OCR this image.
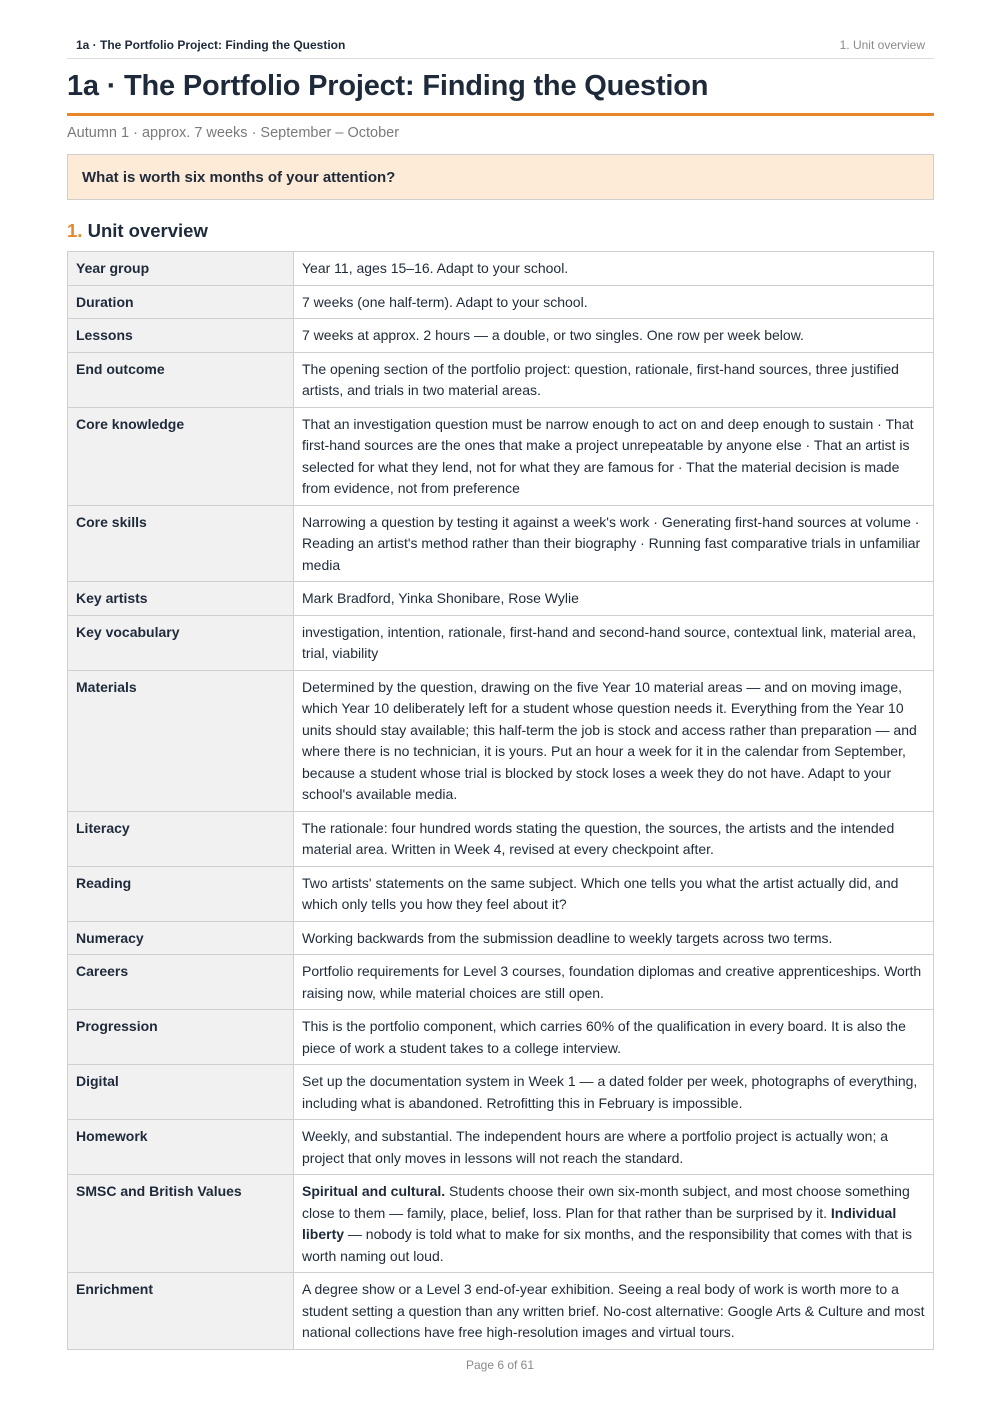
1a · The Portfolio Project: Finding the Question	1. Unit overview
1a · The Portfolio Project: Finding the Question
Autumn 1 · approx. 7 weeks · September – October
What is worth six months of your attention?
1. Unit overview
Year group	Year 11, ages 15–16. Adapt to your school.
Duration	7 weeks (one half-term). Adapt to your school.
Lessons	7 weeks at approx. 2 hours — a double, or two singles. One row per week below.
End outcome	The opening section of the portfolio project: question, rationale, first-hand sources, three justified artists, and trials in two material areas.
Core knowledge	That an investigation question must be narrow enough to act on and deep enough to sustain · That first-hand sources are the ones that make a project unrepeatable by anyone else · That an artist is selected for what they lend, not for what they are famous for · That the material decision is made from evidence, not from preference
Core skills	Narrowing a question by testing it against a week's work · Generating first-hand sources at volume · Reading an artist's method rather than their biography · Running fast comparative trials in unfamiliar media
Key artists	Mark Bradford, Yinka Shonibare, Rose Wylie
Key vocabulary	investigation, intention, rationale, first-hand and second-hand source, contextual link, material area, trial, viability
Materials	Determined by the question, drawing on the five Year 10 material areas — and on moving image, which Year 10 deliberately left for a student whose question needs it. Everything from the Year 10 units should stay available; this half-term the job is stock and access rather than preparation — and where there is no technician, it is yours. Put an hour a week for it in the calendar from September, because a student whose trial is blocked by stock loses a week they do not have. Adapt to your school's available media.
Literacy	The rationale: four hundred words stating the question, the sources, the artists and the intended material area. Written in Week 4, revised at every checkpoint after.
Reading	Two artists' statements on the same subject. Which one tells you what the artist actually did, and which only tells you how they feel about it?
Numeracy	Working backwards from the submission deadline to weekly targets across two terms.
Careers	Portfolio requirements for Level 3 courses, foundation diplomas and creative apprenticeships. Worth raising now, while material choices are still open.
Progression	This is the portfolio component, which carries 60% of the qualification in every board. It is also the piece of work a student takes to a college interview.
Digital	Set up the documentation system in Week 1 — a dated folder per week, photographs of everything, including what is abandoned. Retrofitting this in February is impossible.
Homework	Weekly, and substantial. The independent hours are where a portfolio project is actually won; a project that only moves in lessons will not reach the standard.
SMSC and British Values	Spiritual and cultural. Students choose their own six-month subject, and most choose something close to them — family, place, belief, loss. Plan for that rather than be surprised by it. Individual liberty — nobody is told what to make for six months, and the responsibility that comes with that is worth naming out loud.
Enrichment	A degree show or a Level 3 end-of-year exhibition. Seeing a real body of work is worth more to a student setting a question than any written brief. No-cost alternative: Google Arts & Culture and most national collections have free high-resolution images and virtual tours.
Page 6 of 61
